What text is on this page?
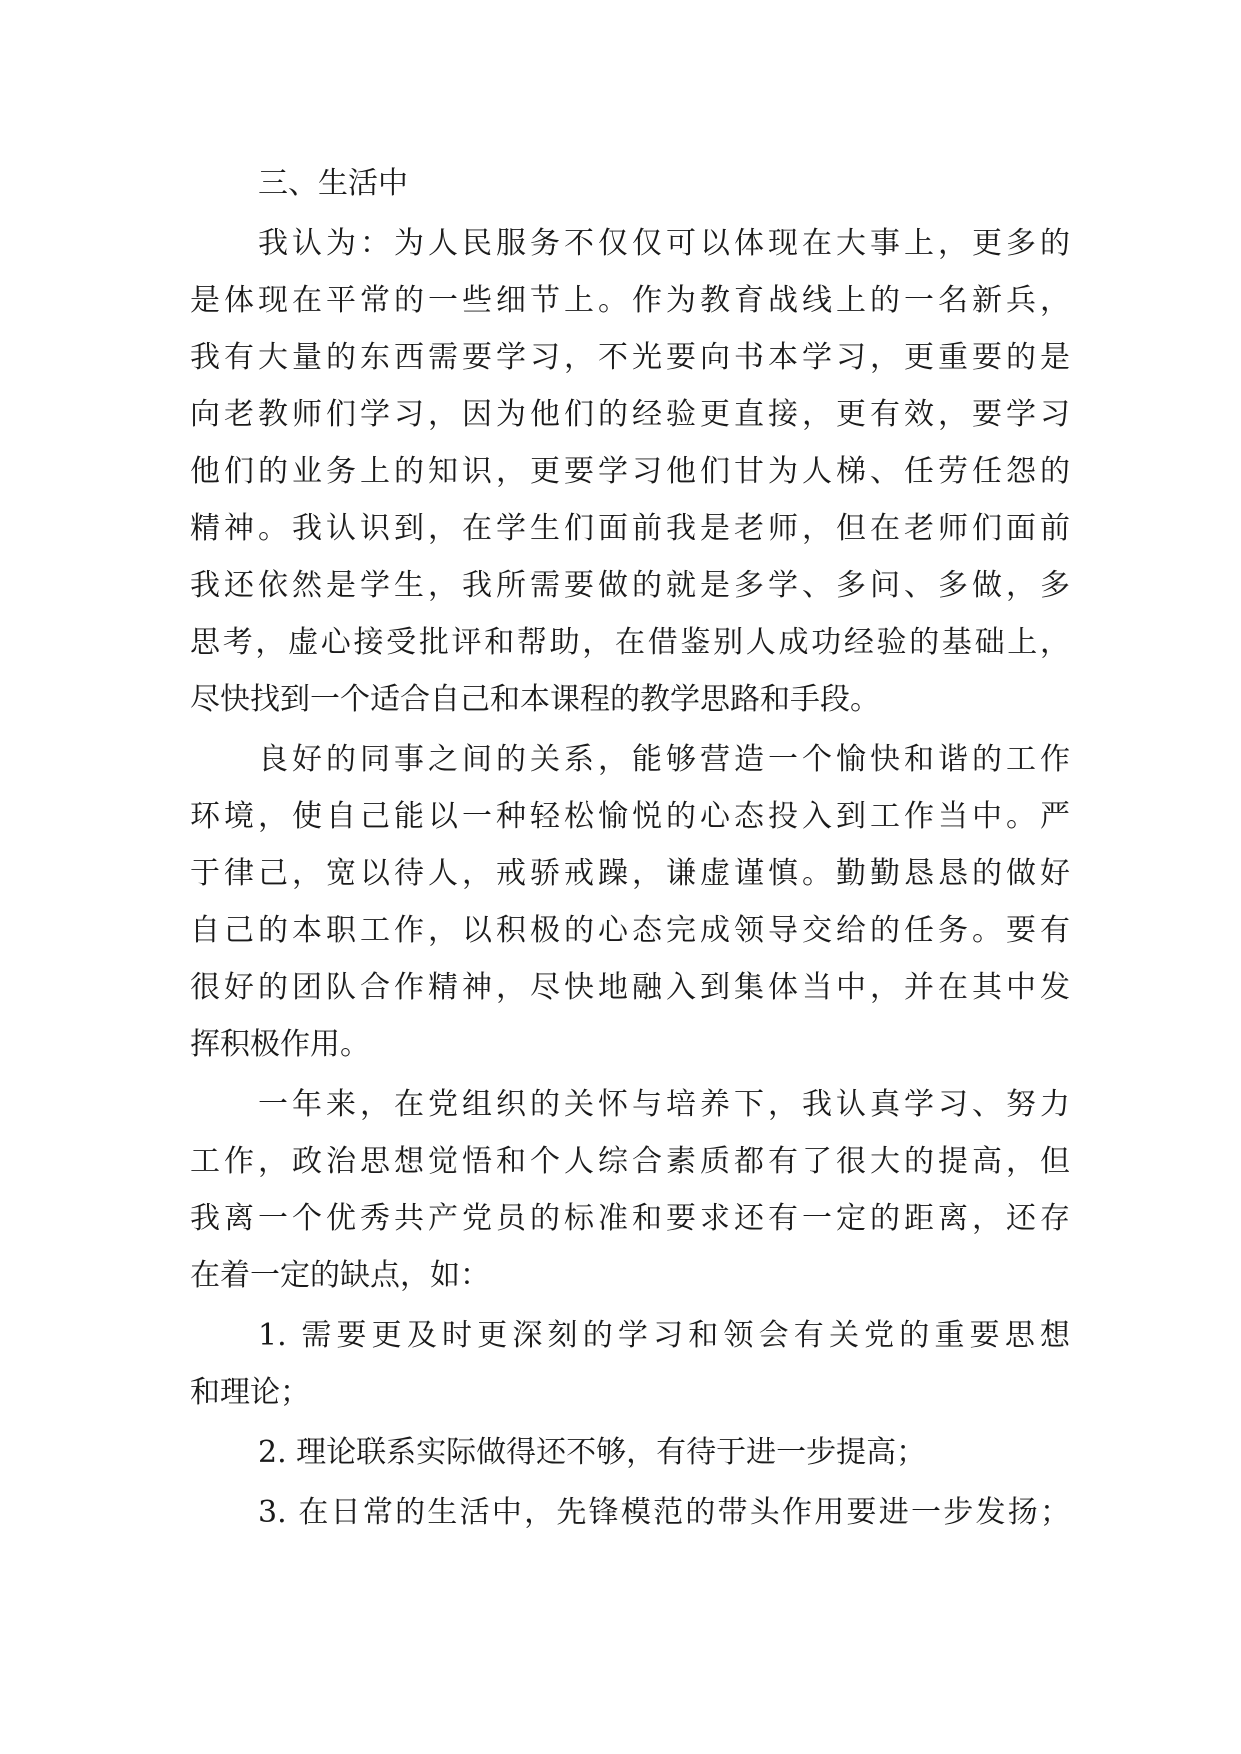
三、生活中
我认为：为人民服务不仅仅可以体现在大事上，更多的
是体现在平常的一些细节上。作为教育战线上的一名新兵，
我有大量的东西需要学习，不光要向书本学习，更重要的是
向老教师们学习，因为他们的经验更直接，更有效，要学习
他们的业务上的知识，更要学习他们甘为人梯、任劳任怨的
精神。我认识到，在学生们面前我是老师，但在老师们面前
我还依然是学生，我所需要做的就是多学、多问、多做，多
思考，虚心接受批评和帮助，在借鉴别人成功经验的基础上，
尽快找到一个适合自己和本课程的教学思路和手段。
良好的同事之间的关系，能够营造一个愉快和谐的工作
环境，使自己能以一种轻松愉悦的心态投入到工作当中。严
于律己，宽以待人，戒骄戒躁，谦虚谨慎。勤勤恳恳的做好
自己的本职工作，以积极的心态完成领导交给的任务。要有
很好的团队合作精神，尽快地融入到集体当中，并在其中发
挥积极作用。
一年来，在党组织的关怀与培养下，我认真学习、努力
工作，政治思想觉悟和个人综合素质都有了很大的提高，但
我离一个优秀共产党员的标准和要求还有一定的距离，还存
在着一定的缺点，如：
1. 需要更及时更深刻的学习和领会有关党的重要思想
和理论；
2. 理论联系实际做得还不够，有待于进一步提高；
3. 在日常的生活中，先锋模范的带头作用要进一步发扬；
